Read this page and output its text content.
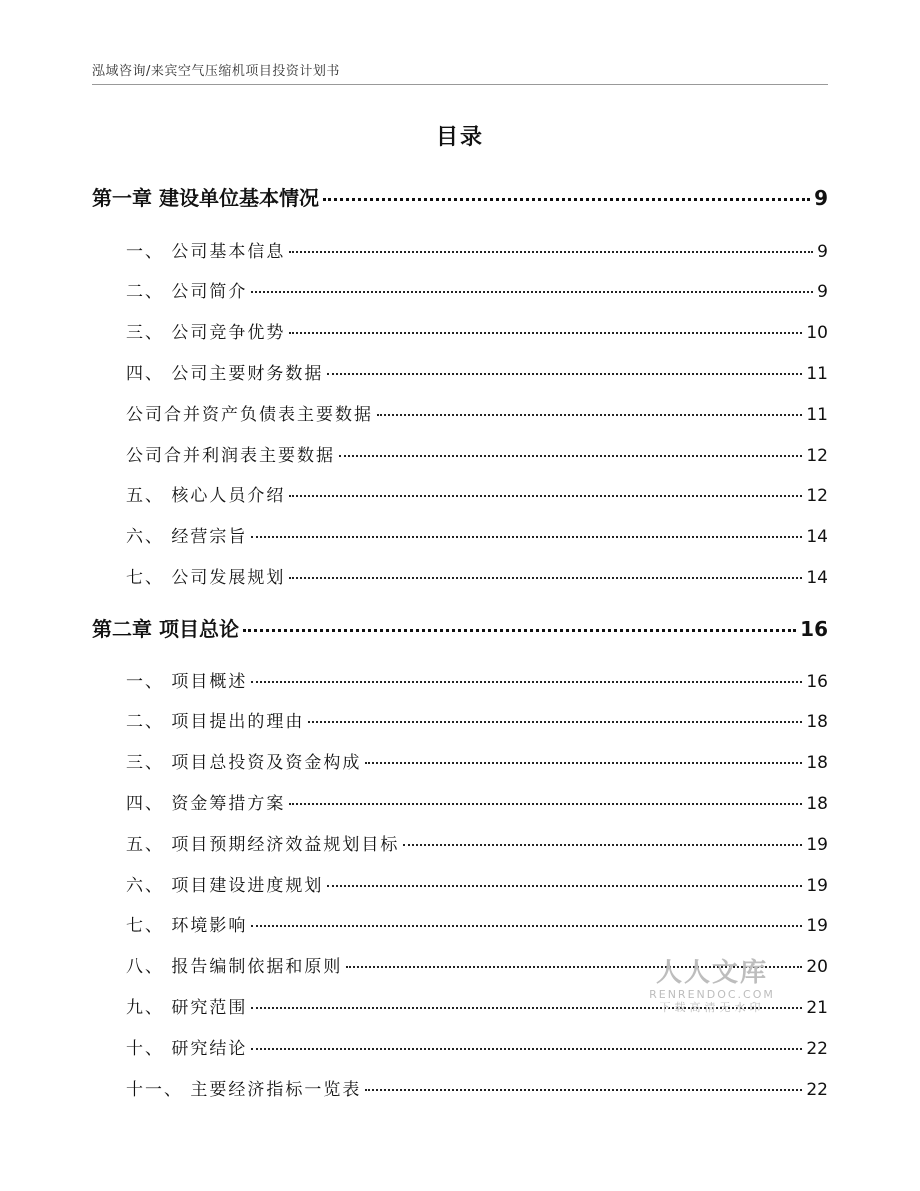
泓域咨询/来宾空气压缩机项目投资计划书
目录
第一章 建设单位基本情况	9
一、 公司基本信息	9
二、 公司简介	9
三、 公司竞争优势	10
四、 公司主要财务数据	11
公司合并资产负债表主要数据	11
公司合并利润表主要数据	12
五、 核心人员介绍	12
六、 经营宗旨	14
七、 公司发展规划	14
第二章 项目总论	16
一、 项目概述	16
二、 项目提出的理由	18
三、 项目总投资及资金构成	18
四、 资金筹措方案	18
五、 项目预期经济效益规划目标	19
六、 项目建设进度规划	19
七、 环境影响	19
八、 报告编制依据和原则	20
九、 研究范围	21
十、 研究结论	22
十一、 主要经济指标一览表	22
人人文库
RENRENDOC.COM
下载高清无水印
